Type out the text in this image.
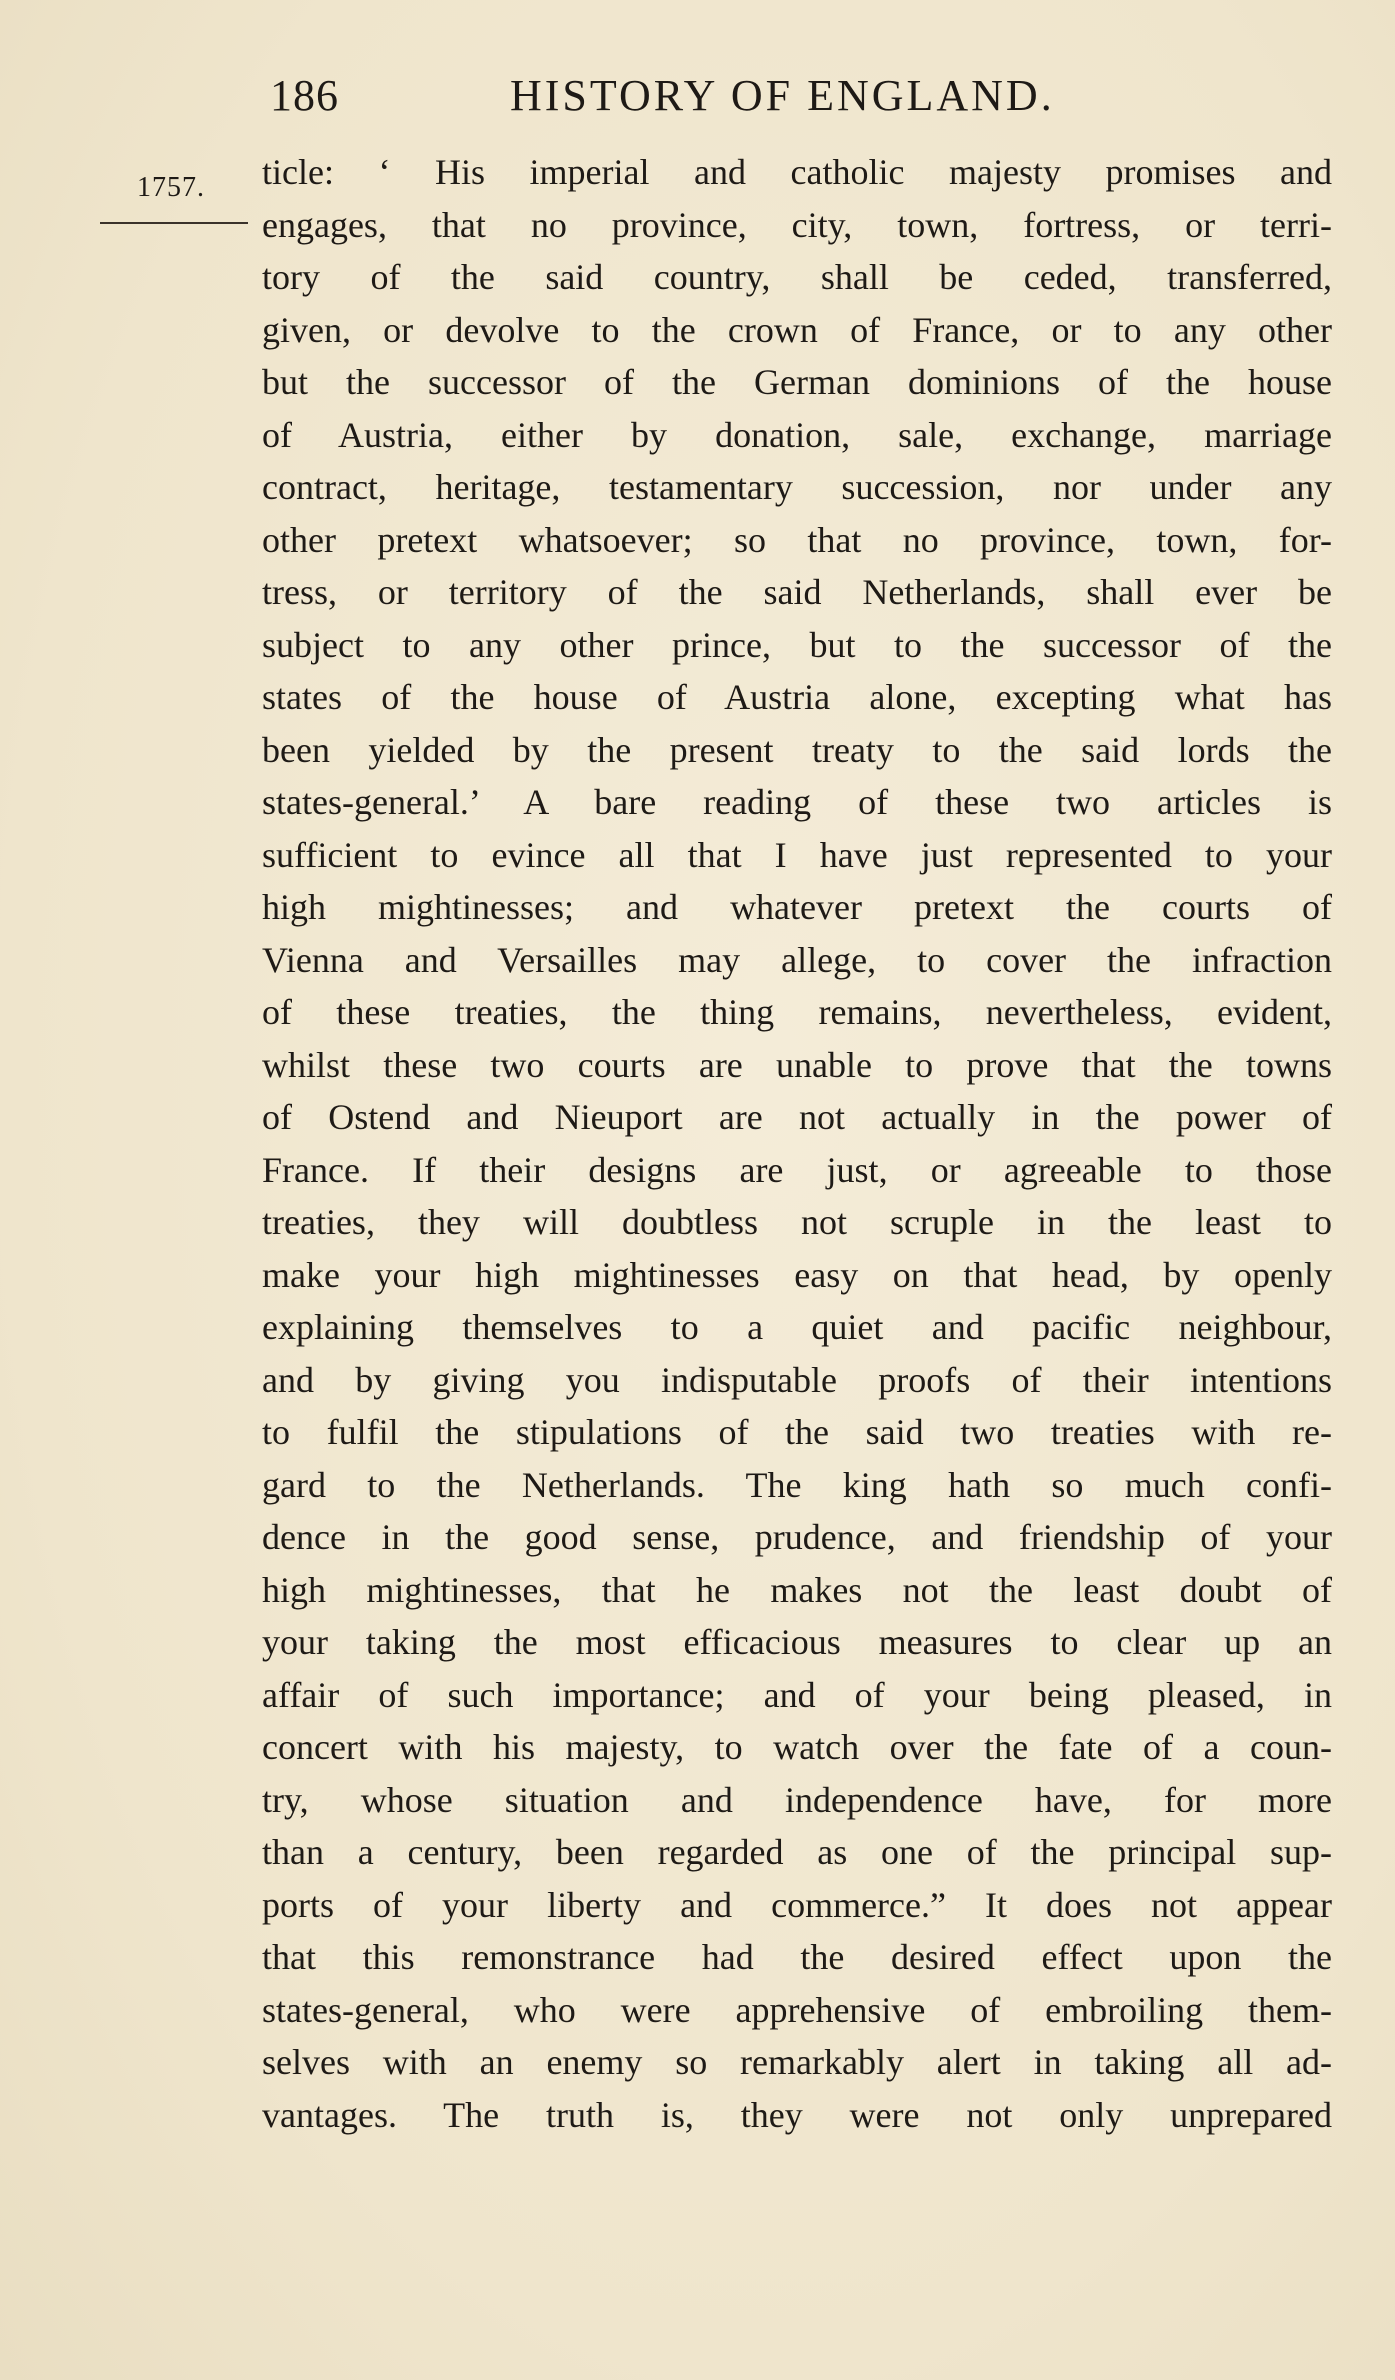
186	HISTORY OF ENGLAND.
1757. ticle: ‘ His imperial and catholic majesty promises and
engages, that no province, city, town, fortress, or terri-
tory of the said country, shall be ceded, transferred,
given, or devolve to the crown of France, or to any other
but the successor of the German dominions of the house
of Austria, either by donation, sale, exchange, marriage
contract, heritage, testamentary succession, nor under any
other pretext whatsoever; so that no province, town, for-
tress, or territory of the said Netherlands, shall ever be
subject to any other prince, but to the successor of the
states of the house of Austria alone, excepting what has
been yielded by the present treaty to the said lords the
states-general.’ A bare reading of these two articles is
sufficient to evince all that I have just represented to your
high mightinesses; and whatever pretext the courts of
Vienna and Versailles may allege, to cover the infraction
of these treaties, the thing remains, nevertheless, evident,
whilst these two courts are unable to prove that the towns
of Ostend and Nieuport are not actually in the power of
France. If their designs are just, or agreeable to those
treaties, they will doubtless not scruple in the least to
make your high mightinesses easy on that head, by openly
explaining themselves to a quiet and pacific neighbour,
and by giving you indisputable proofs of their intentions
to fulfil the stipulations of the said two treaties with re-
gard to the Netherlands. The king hath so much confi-
dence in the good sense, prudence, and friendship of your
high mightinesses, that he makes not the least doubt of
your taking the most efficacious measures to clear up an
affair of such importance; and of your being pleased, in
concert with his majesty, to watch over the fate of a coun-
try, whose situation and independence have, for more
than a century, been regarded as one of the principal sup-
ports of your liberty and commerce.” It does not appear
that this remonstrance had the desired effect upon the
states-general, who were apprehensive of embroiling them-
selves with an enemy so remarkably alert in taking all ad-
vantages. The truth is, they were not only unprepared
